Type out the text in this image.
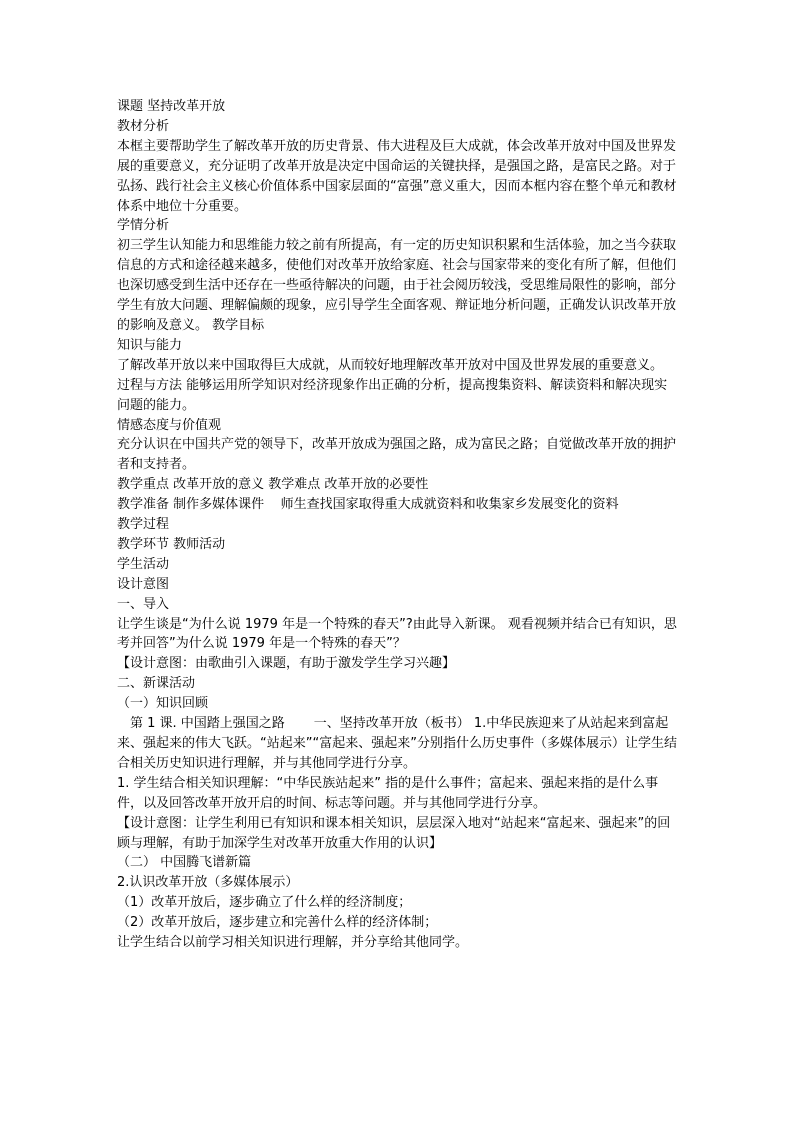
课题 坚持改革开放

教材分析

本框主要帮助学生了解改革开放的历史背景、伟大进程及巨大成就，体会改革开放对中国及世界发展的重要意义，充分证明了改革开放是决定中国命运的关键抉择，是强国之路，是富民之路。对于弘扬、践行社会主义核心价值体系中国家层面的“富强”意义重大，因而本框内容在整个单元和教材体系中地位十分重要。

学情分析

初三学生认知能力和思维能力较之前有所提高，有一定的历史知识积累和生活体验，加之当今获取信息的方式和途径越来越多，使他们对改革开放给家庭、社会与国家带来的变化有所了解，但他们也深切感受到生活中还存在一些亟待解决的问题，由于社会阅历较浅，受思维局限性的影响，部分学生有放大问题、理解偏颇的现象，应引导学生全面客观、辩证地分析问题，正确发认识改革开放的影响及意义。 教学目标

知识与能力

了解改革开放以来中国取得巨大成就，从而较好地理解改革开放对中国及世界发展的重要意义。

过程与方法 能够运用所学知识对经济现象作出正确的分析，提高搜集资料、解读资料和解决现实问题的能力。

情感态度与价值观

充分认识在中国共产党的领导下，改革开放成为强国之路，成为富民之路；自觉做改革开放的拥护者和支持者。

教学重点 改革开放的意义 教学难点 改革开放的必要性

教学准备 制作多媒体课件    师生查找国家取得重大成就资料和收集家乡发展变化的资料

教学过程

教学环节 教师活动

学生活动

设计意图

一、导入

让学生谈是“为什么说 1979 年是一个特殊的春天”?由此导入新课。 观看视频并结合已有知识，思考并回答”为什么说 1979 年是一个特殊的春天”？

【设计意图：由歌曲引入课题，有助于激发学生学习兴趣】

二、新课活动

（一）知识回顾

第 1 课. 中国踏上强国之路       一、坚持改革开放（板书） 1.中华民族迎来了从站起来到富起来、强起来的伟大飞跃。“站起来”“富起来、强起来”分别指什么历史事件（多媒体展示）让学生结合相关历史知识进行理解，并与其他同学进行分享。

1. 学生结合相关知识理解：“中华民族站起来” 指的是什么事件；富起来、强起来指的是什么事件，以及回答改革开放开启的时间、标志等问题。并与其他同学进行分享。

【设计意图：让学生利用已有知识和课本相关知识，层层深入地对“站起来“富起来、强起来”的回顾与理解，有助于加深学生对改革开放重大作用的认识】

（二） 中国腾飞谱新篇

2.认识改革开放（多媒体展示）

（1）改革开放后，逐步确立了什么样的经济制度；

（2）改革开放后，逐步建立和完善什么样的经济体制；

让学生结合以前学习相关知识进行理解，并分享给其他同学。
